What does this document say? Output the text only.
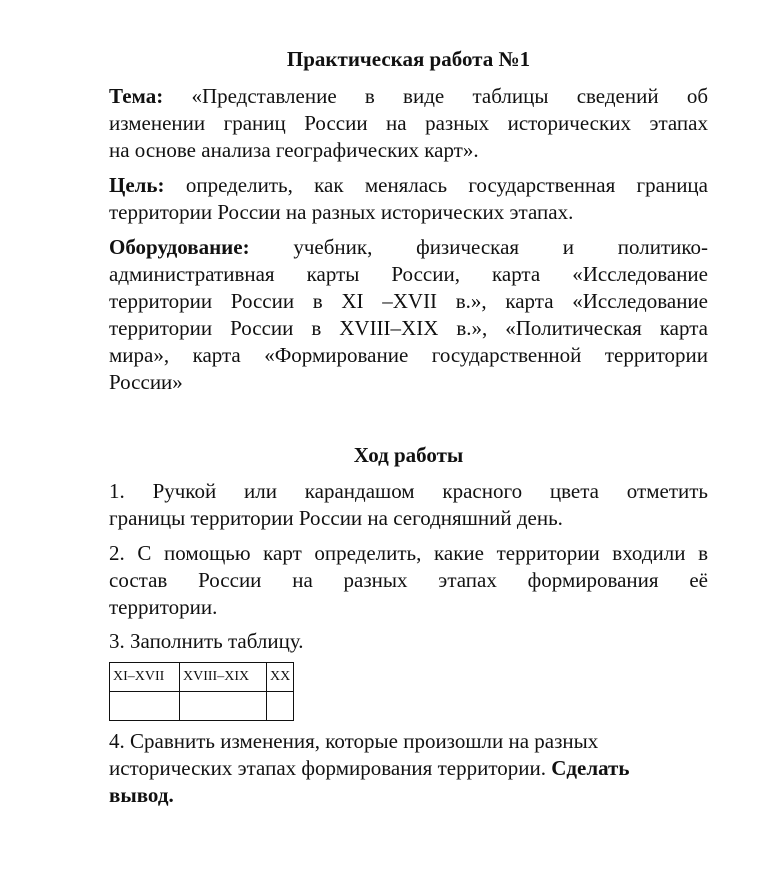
Практическая работа №1
Тема: «Представление в виде таблицы сведений об
изменении границ России на разных исторических этапах
на основе анализа географических карт».
Цель: определить, как менялась государственная граница
территории России на разных исторических этапах.
Оборудование: учебник, физическая и политико-
административная карты России, карта «Исследование
территории России в XI –XVII в.», карта «Исследование
территории России в XVIII–XIX в.», «Политическая карта
мира», карта «Формирование государственной территории
России»
Ход работы
1. Ручкой или карандашом красного цвета отметить
границы территории России на сегодняшний день.
2. С помощью карт определить, какие территории входили в
состав России на разных этапах формирования её
территории.
3. Заполнить таблицу.
XI–XVII	XVIII–XIX	XX

4. Сравнить изменения, которые произошли на разных
исторических этапах формирования территории. Сделать
вывод.
